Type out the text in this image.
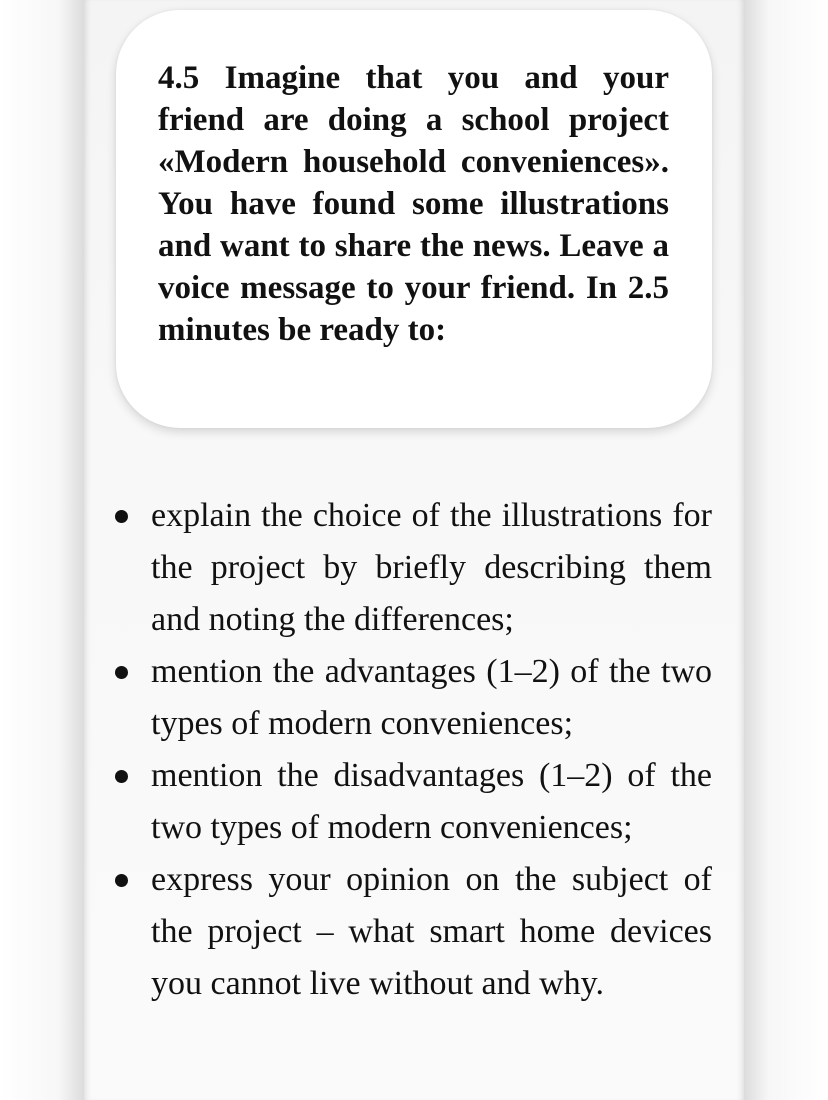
4.5 Imagine that you and your friend are doing a school project «Modern household conveniences». You have found some illustrations and want to share the news. Leave a voice message to your friend. In 2.5 minutes be ready to:

explain the choice of the illustrations for the project by briefly describing them and noting the differences;
mention the advantages (1–2) of the two types of modern conveniences;
mention the disadvantages (1–2) of the two types of modern conveniences;
express your opinion on the subject of the project – what smart home devices you cannot live without and why.
